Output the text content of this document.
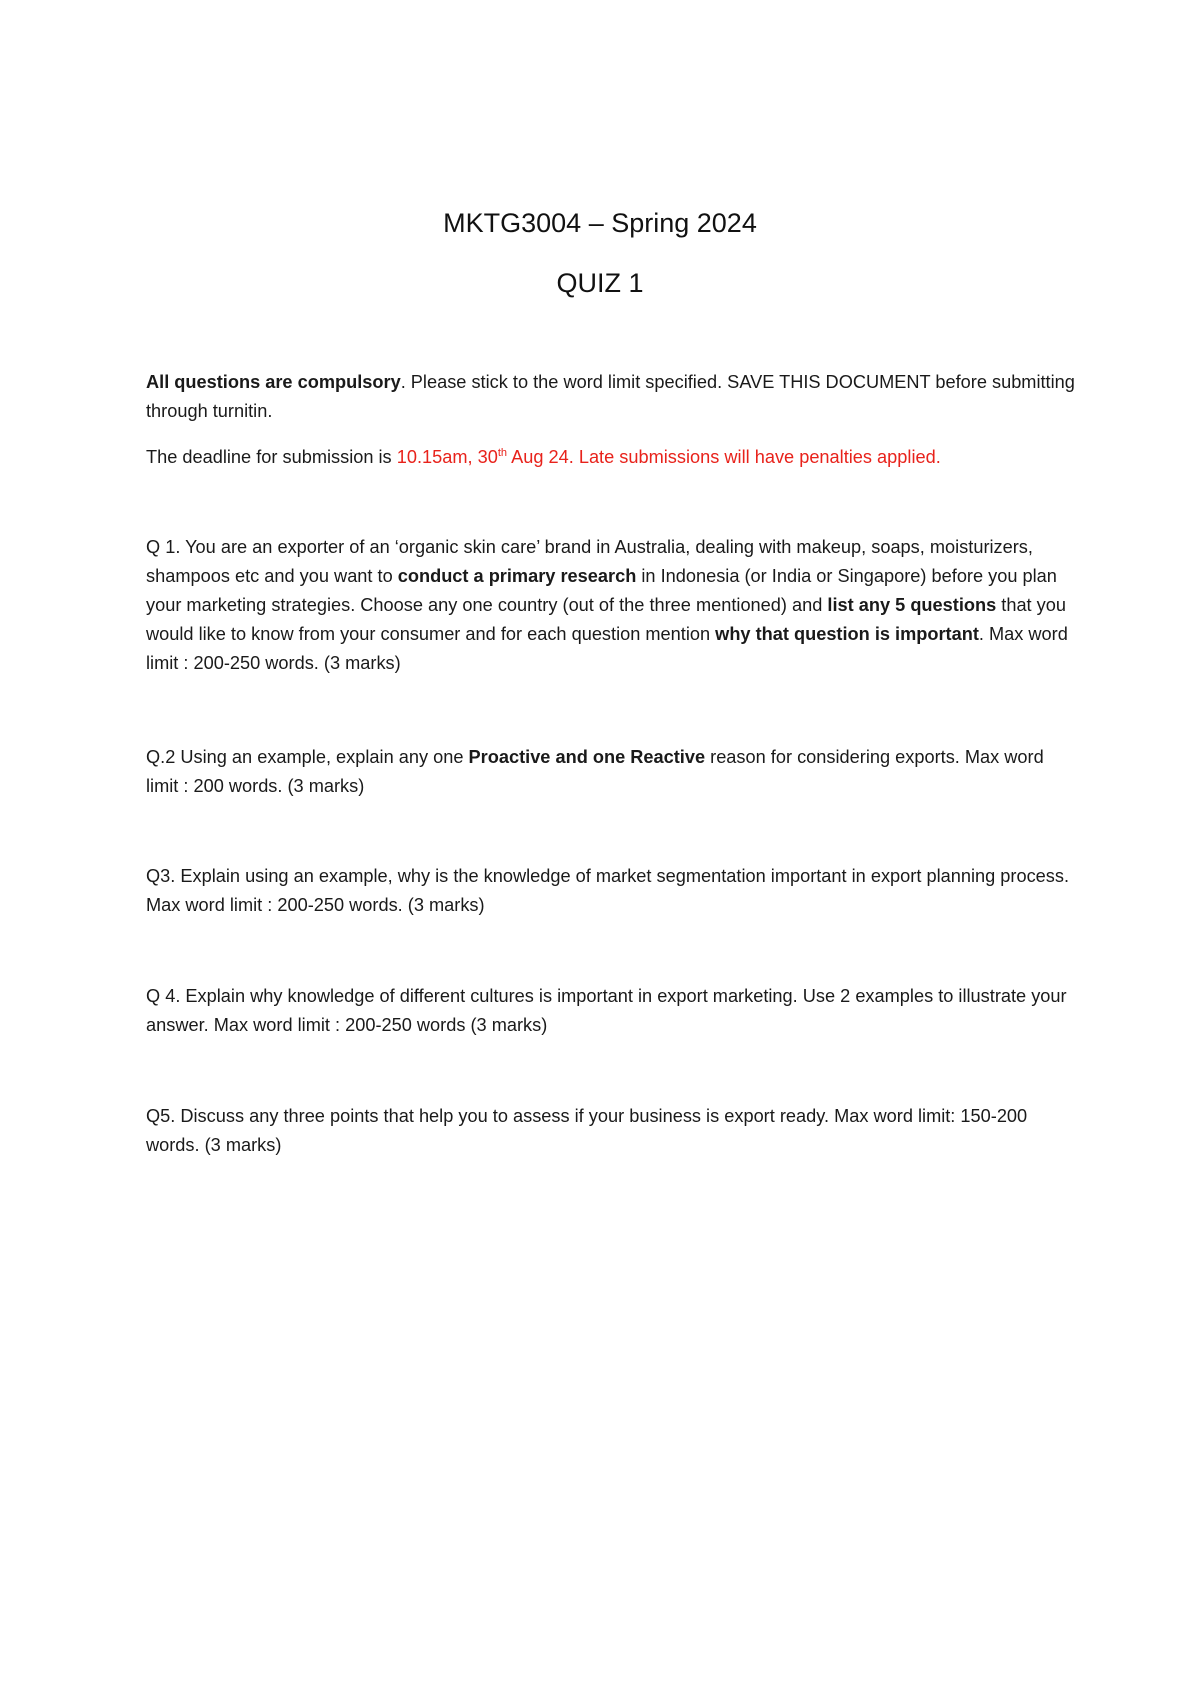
MKTG3004 – Spring 2024
QUIZ 1
All questions are compulsory. Please stick to the word limit specified. SAVE THIS DOCUMENT before submitting through turnitin.
The deadline for submission is 10.15am, 30th Aug 24. Late submissions will have penalties applied.
Q 1. You are an exporter of an ‘organic skin care’ brand in Australia, dealing with makeup, soaps, moisturizers, shampoos etc and you want to conduct a primary research in Indonesia (or India or Singapore) before you plan your marketing strategies. Choose any one country (out of the three mentioned) and list any 5 questions that you would like to know from your consumer and for each question mention why that question is important. Max word limit : 200-250 words. (3 marks)
Q.2 Using an example, explain any one Proactive and one Reactive reason for considering exports. Max word limit : 200 words. (3 marks)
Q3. Explain using an example, why is the knowledge of market segmentation important in export planning process. Max word limit : 200-250 words. (3 marks)
Q 4. Explain why knowledge of different cultures is important in export marketing. Use 2 examples to illustrate your answer. Max word limit : 200-250 words (3 marks)
Q5. Discuss any three points that help you to assess if your business is export ready. Max word limit: 150-200 words. (3 marks)
